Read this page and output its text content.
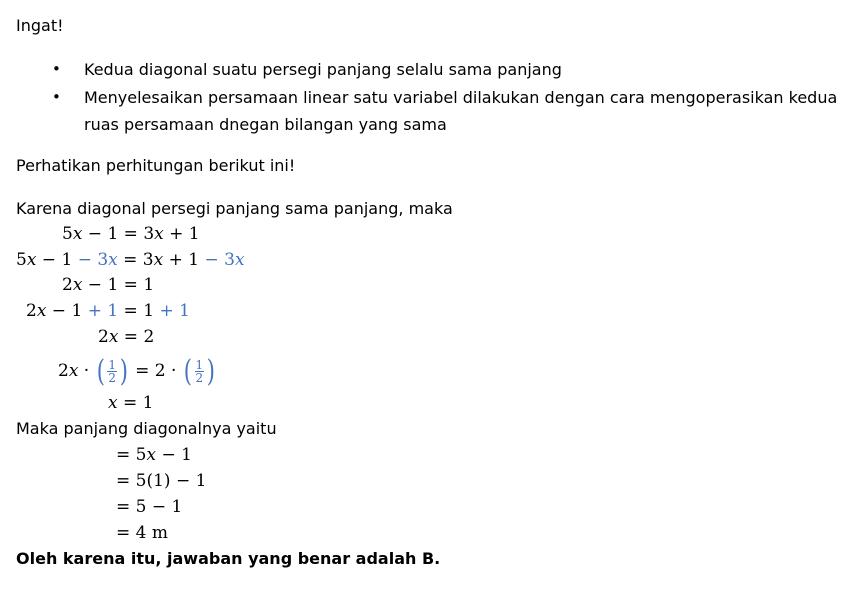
Ingat!
• Kedua diagonal suatu persegi panjang selalu sama panjang
• Menyelesaikan persamaan linear satu variabel dilakukan dengan cara mengoperasikan kedua
ruas persamaan dnegan bilangan yang sama
Perhatikan perhitungan berikut ini!
Karena diagonal persegi panjang sama panjang, maka
5𝑥 − 1 = 3𝑥 + 1
5𝑥 − 1 − 3𝑥 = 3𝑥 + 1 − 3𝑥
2𝑥 − 1 = 1
2𝑥 − 1 + 1 = 1 + 1
2𝑥 = 2
2𝑥 · ( $\frac{1}{2}$ ) = 2 · ( $\frac{1}{2}$ )
𝑥 = 1
Maka panjang diagonalnya yaitu
= 5𝑥 − 1
= 5(1) − 1
= 5 − 1
= 4 m
Oleh karena itu, jawaban yang benar adalah B.
